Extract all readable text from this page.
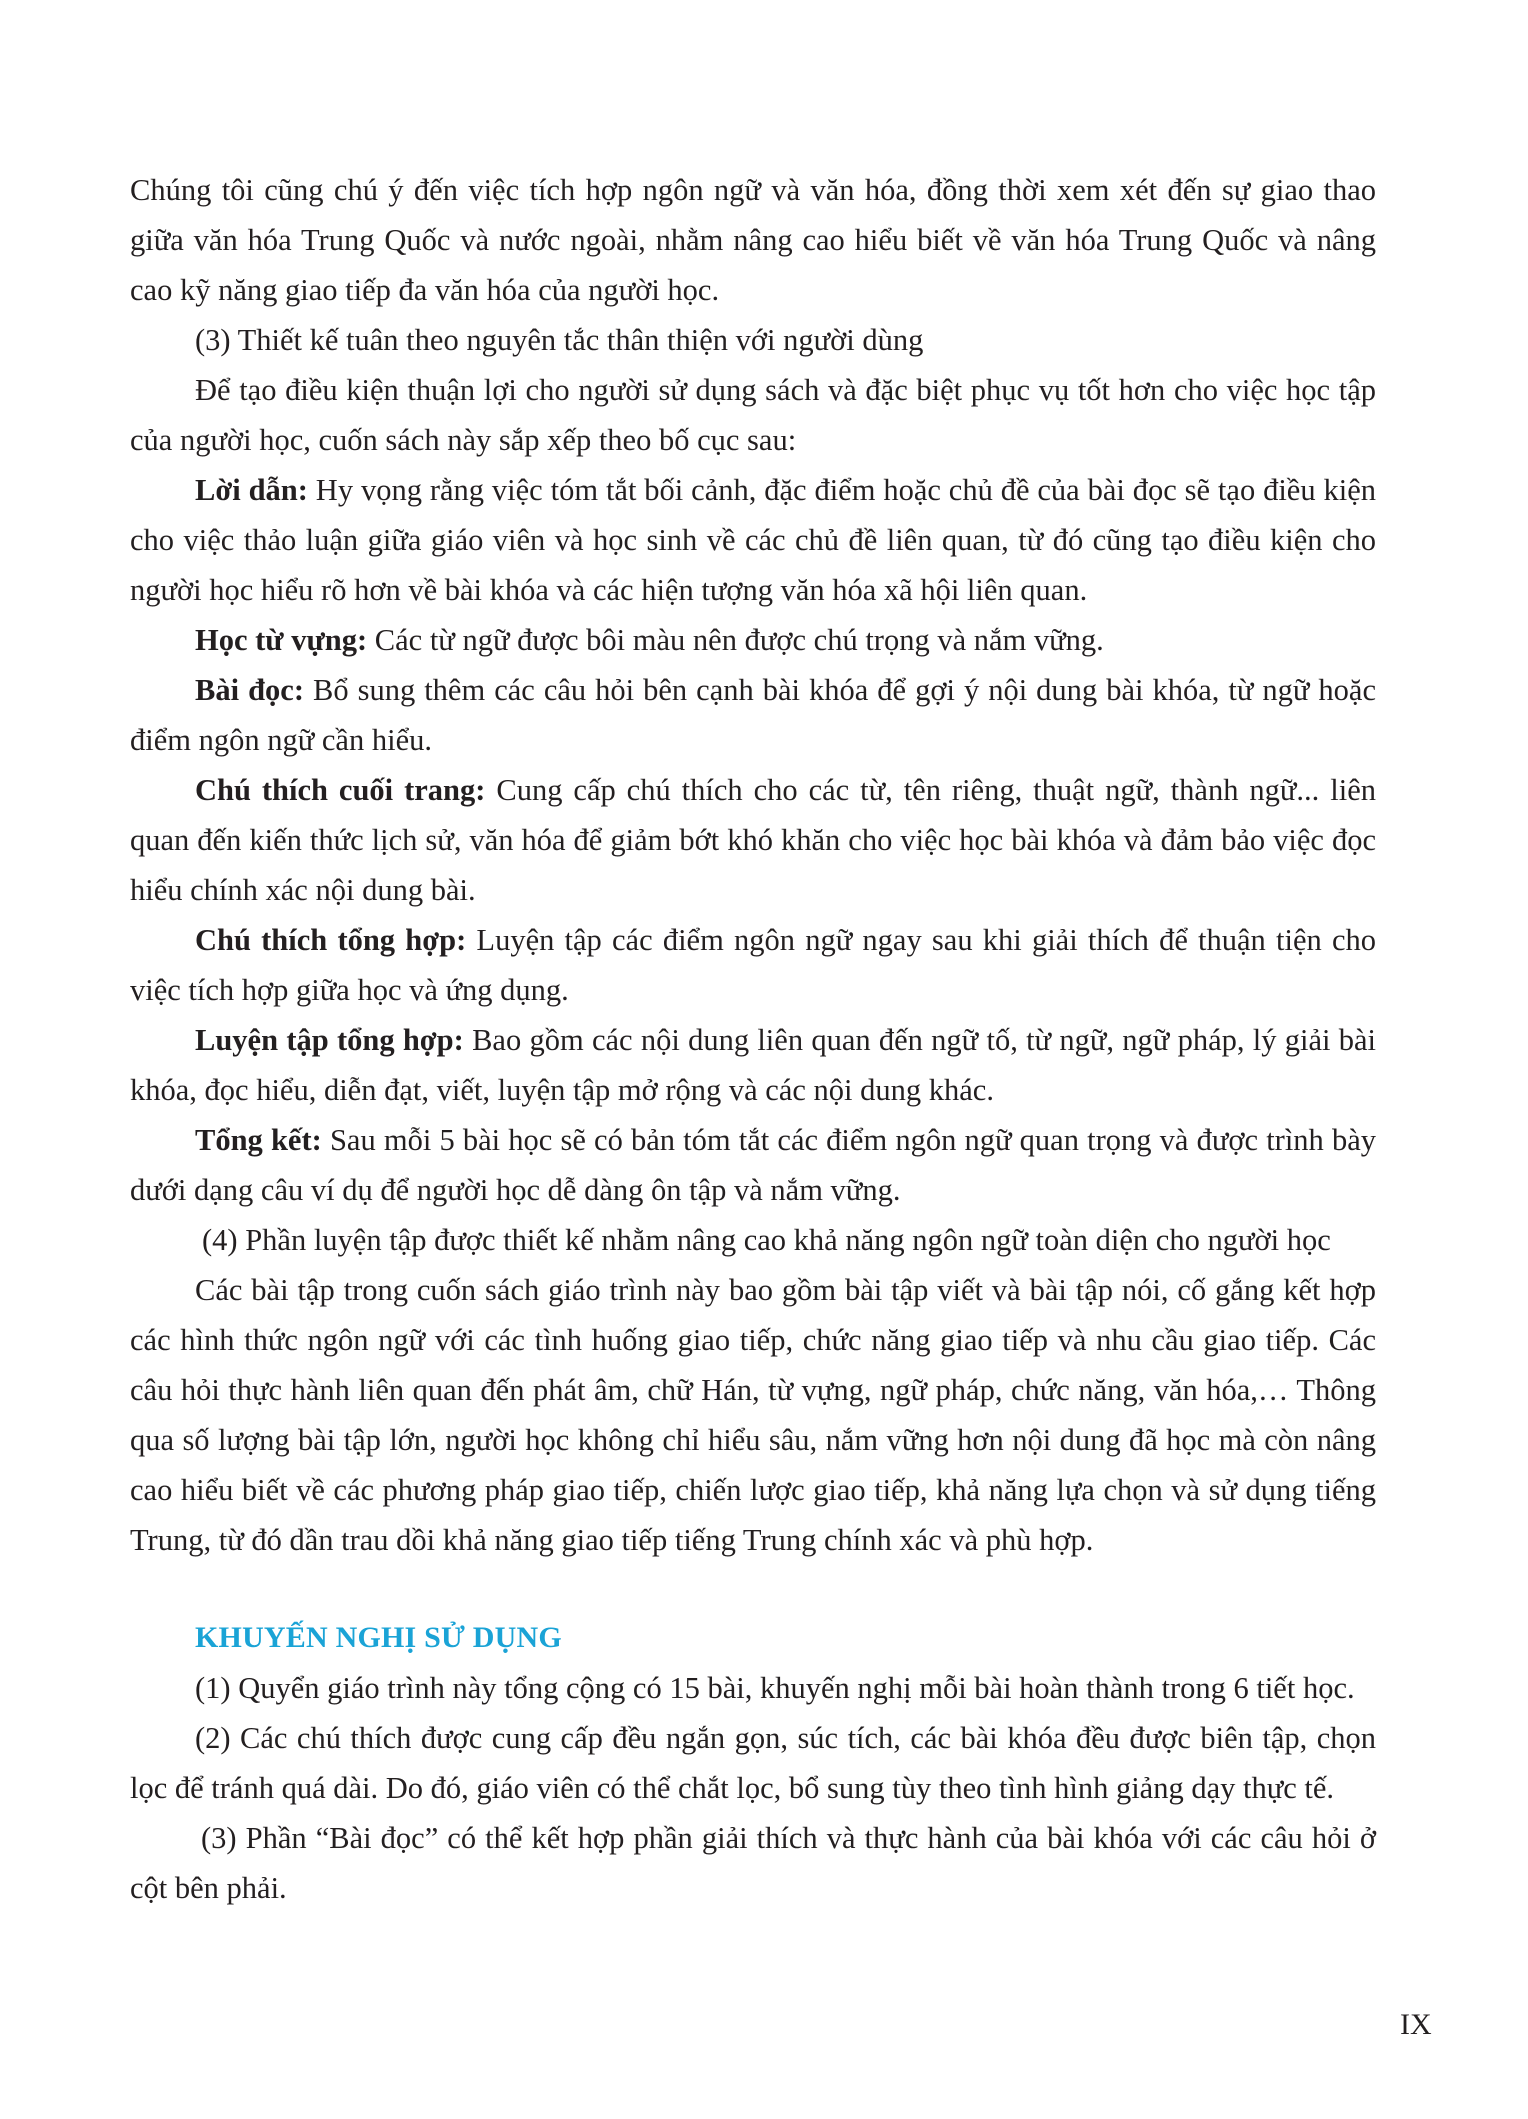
Chúng tôi cũng chú ý đến việc tích hợp ngôn ngữ và văn hóa, đồng thời xem xét đến sự giao thao giữa văn hóa Trung Quốc và nước ngoài, nhằm nâng cao hiểu biết về văn hóa Trung Quốc và nâng cao kỹ năng giao tiếp đa văn hóa của người học.

(3) Thiết kế tuân theo nguyên tắc thân thiện với người dùng

Để tạo điều kiện thuận lợi cho người sử dụng sách và đặc biệt phục vụ tốt hơn cho việc học tập của người học, cuốn sách này sắp xếp theo bố cục sau:

Lời dẫn: Hy vọng rằng việc tóm tắt bối cảnh, đặc điểm hoặc chủ đề của bài đọc sẽ tạo điều kiện cho việc thảo luận giữa giáo viên và học sinh về các chủ đề liên quan, từ đó cũng tạo điều kiện cho người học hiểu rõ hơn về bài khóa và các hiện tượng văn hóa xã hội liên quan.

Học từ vựng: Các từ ngữ được bôi màu nên được chú trọng và nắm vững.

Bài đọc: Bổ sung thêm các câu hỏi bên cạnh bài khóa để gợi ý nội dung bài khóa, từ ngữ hoặc điểm ngôn ngữ cần hiểu.

Chú thích cuối trang: Cung cấp chú thích cho các từ, tên riêng, thuật ngữ, thành ngữ... liên quan đến kiến thức lịch sử, văn hóa để giảm bớt khó khăn cho việc học bài khóa và đảm bảo việc đọc hiểu chính xác nội dung bài.

Chú thích tổng hợp: Luyện tập các điểm ngôn ngữ ngay sau khi giải thích để thuận tiện cho việc tích hợp giữa học và ứng dụng.

Luyện tập tổng hợp: Bao gồm các nội dung liên quan đến ngữ tố, từ ngữ, ngữ pháp, lý giải bài khóa, đọc hiểu, diễn đạt, viết, luyện tập mở rộng và các nội dung khác.

Tổng kết: Sau mỗi 5 bài học sẽ có bản tóm tắt các điểm ngôn ngữ quan trọng và được trình bày dưới dạng câu ví dụ để người học dễ dàng ôn tập và nắm vững.

(4) Phần luyện tập được thiết kế nhằm nâng cao khả năng ngôn ngữ toàn diện cho người học

Các bài tập trong cuốn sách giáo trình này bao gồm bài tập viết và bài tập nói, cố gắng kết hợp các hình thức ngôn ngữ với các tình huống giao tiếp, chức năng giao tiếp và nhu cầu giao tiếp. Các câu hỏi thực hành liên quan đến phát âm, chữ Hán, từ vựng, ngữ pháp, chức năng, văn hóa,… Thông qua số lượng bài tập lớn, người học không chỉ hiểu sâu, nắm vững hơn nội dung đã học mà còn nâng cao hiểu biết về các phương pháp giao tiếp, chiến lược giao tiếp, khả năng lựa chọn và sử dụng tiếng Trung, từ đó dần trau dồi khả năng giao tiếp tiếng Trung chính xác và phù hợp.

KHUYẾN NGHỊ SỬ DỤNG

(1) Quyển giáo trình này tổng cộng có 15 bài, khuyến nghị mỗi bài hoàn thành trong 6 tiết học.

(2) Các chú thích được cung cấp đều ngắn gọn, súc tích, các bài khóa đều được biên tập, chọn lọc để tránh quá dài. Do đó, giáo viên có thể chắt lọc, bổ sung tùy theo tình hình giảng dạy thực tế.

(3) Phần “Bài đọc” có thể kết hợp phần giải thích và thực hành của bài khóa với các câu hỏi ở cột bên phải.

IX
